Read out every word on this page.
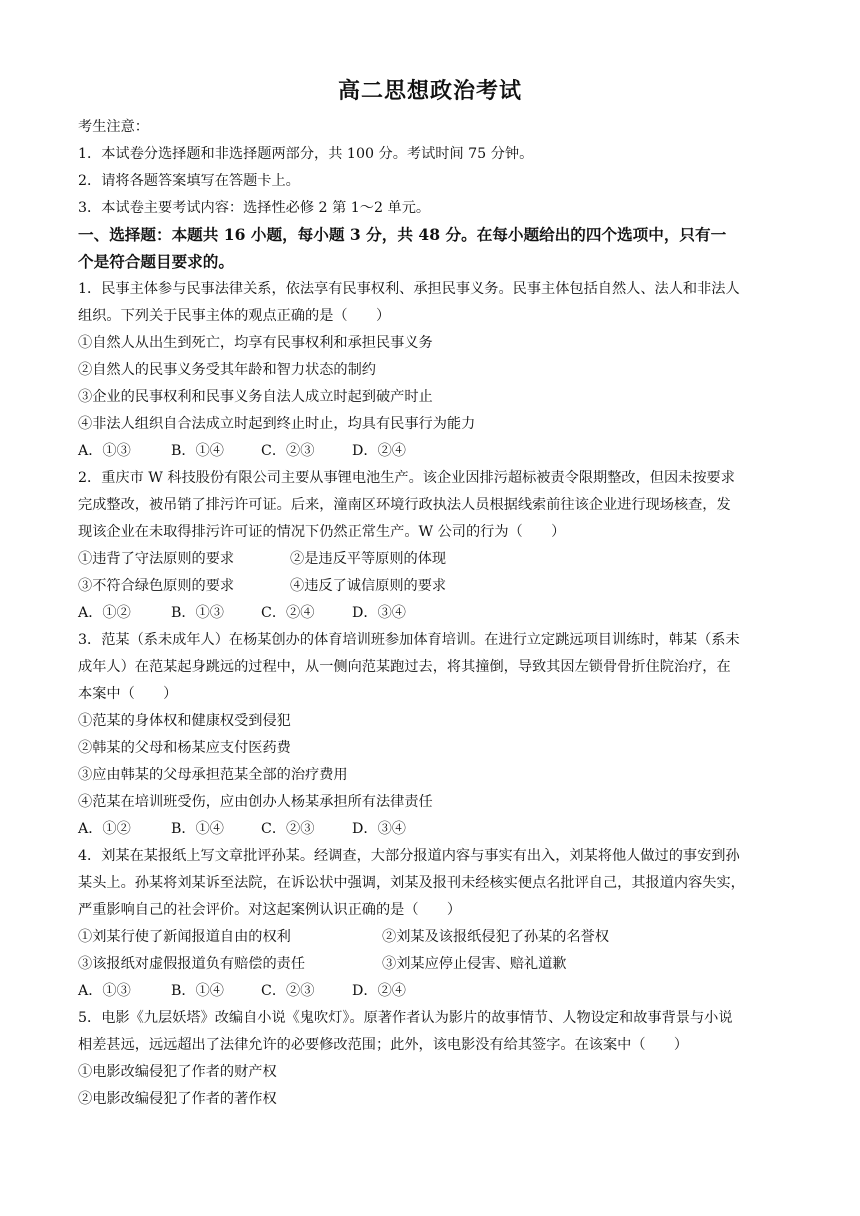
高二思想政治考试
考生注意：
1．本试卷分选择题和非选择题两部分，共 100 分。考试时间 75 分钟。
2．请将各题答案填写在答题卡上。
3．本试卷主要考试内容：选择性必修 2 第 1～2 单元。
一、选择题：本题共 16 小题，每小题 3 分，共 48 分。在每小题给出的四个选项中，只有一
个是符合题目要求的。
1．民事主体参与民事法律关系，依法享有民事权利、承担民事义务。民事主体包括自然人、法人和非法人
组织。下列关于民事主体的观点正确的是（　　）
①自然人从出生到死亡，均享有民事权利和承担民事义务
②自然人的民事义务受其年龄和智力状态的制约
③企业的民事权利和民事义务自法人成立时起到破产时止
④非法人组织自合法成立时起到终止时止，均具有民事行为能力
A．①③	B．①④	C．②③	D．②④
2．重庆市 W 科技股份有限公司主要从事锂电池生产。该企业因排污超标被责令限期整改，但因未按要求
完成整改，被吊销了排污许可证。后来，潼南区环境行政执法人员根据线索前往该企业进行现场核查，发
现该企业在未取得排污许可证的情况下仍然正常生产。W 公司的行为（　　）
①违背了守法原则的要求	②是违反平等原则的体现
③不符合绿色原则的要求	④违反了诚信原则的要求
A．①②	B．①③	C．②④	D．③④
3．范某（系未成年人）在杨某创办的体育培训班参加体育培训。在进行立定跳远项目训练时，韩某（系未
成年人）在范某起身跳远的过程中，从一侧向范某跑过去，将其撞倒，导致其因左锁骨骨折住院治疗，在
本案中（　　）
①范某的身体权和健康权受到侵犯
②韩某的父母和杨某应支付医药费
③应由韩某的父母承担范某全部的治疗费用
④范某在培训班受伤，应由创办人杨某承担所有法律责任
A．①②	B．①④	C．②③	D．③④
4．刘某在某报纸上写文章批评孙某。经调查，大部分报道内容与事实有出入，刘某将他人做过的事安到孙
某头上。孙某将刘某诉至法院，在诉讼状中强调，刘某及报刊未经核实便点名批评自己，其报道内容失实，
严重影响自己的社会评价。对这起案例认识正确的是（　　）
①刘某行使了新闻报道自由的权利	②刘某及该报纸侵犯了孙某的名誉权
③该报纸对虚假报道负有赔偿的责任	③刘某应停止侵害、赔礼道歉
A．①③	B．①④	C．②③	D．②④
5．电影《九层妖塔》改编自小说《鬼吹灯》。原著作者认为影片的故事情节、人物设定和故事背景与小说
相差甚远，远远超出了法律允许的必要修改范围；此外，该电影没有给其签字。在该案中（　　）
①电影改编侵犯了作者的财产权
②电影改编侵犯了作者的著作权
